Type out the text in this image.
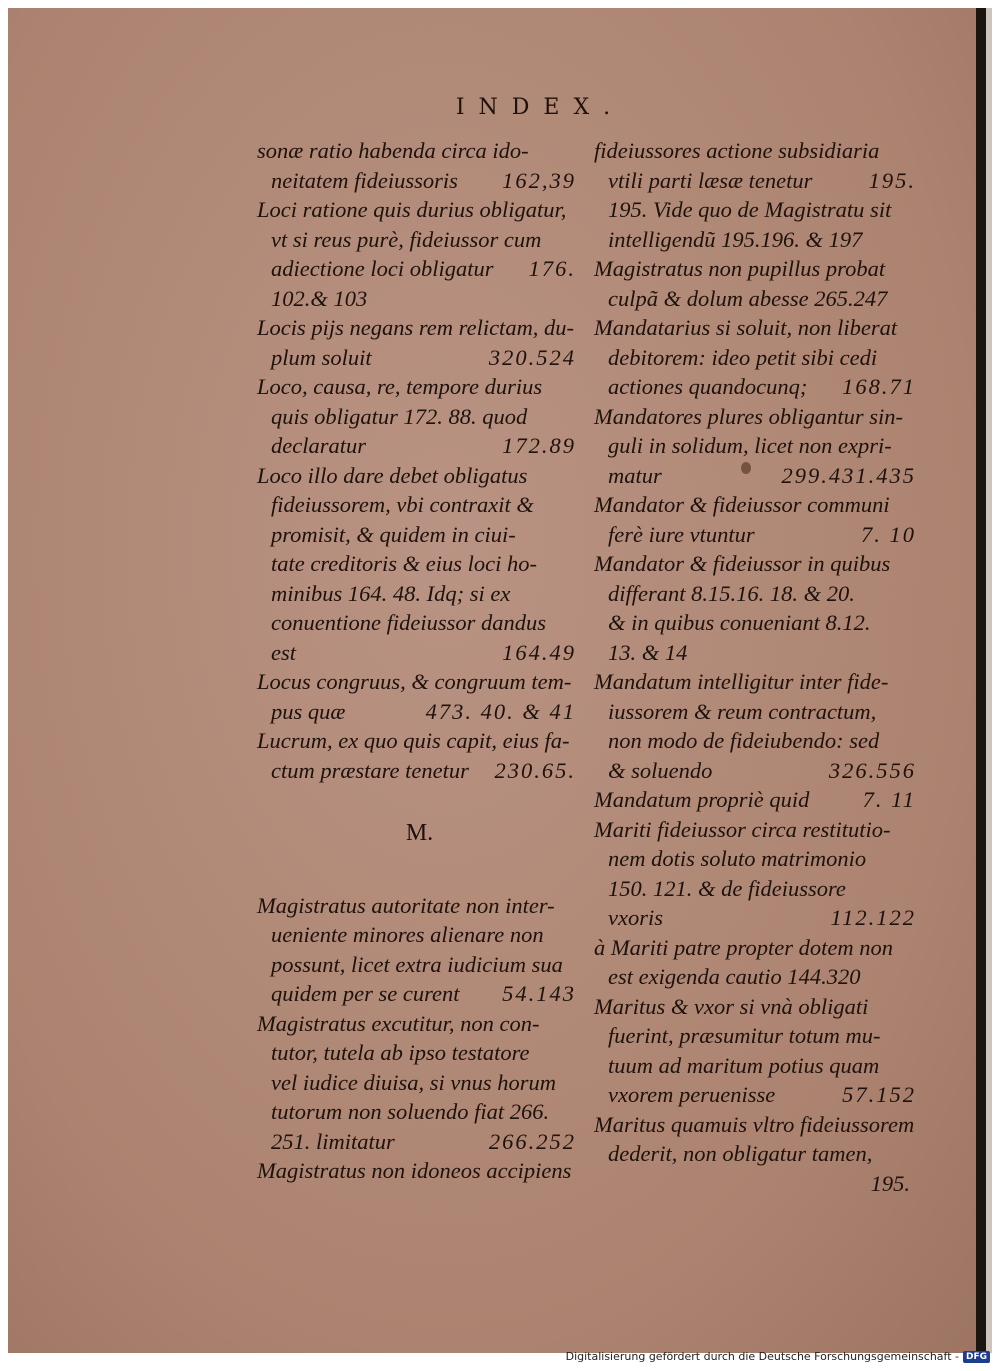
INDEX.
sonæ ratio habenda circa ido-
neitatem fideiussoris 162,39
Loci ratione quis durius obligatur,
vt si reus purè, fideiussor cum
adiectione loci obligatur 176.
102.& 103
Locis pijs negans rem relictam, du-
plum soluit	320.524
Loco, causa, re, tempore durius
quis obligatur 172. 88. quod
declaratur	172.89
Loco illo dare debet obligatus
fideiussorem, vbi contraxit &
promisit, & quidem in ciui-
tate creditoris & eius loci ho-
minibus 164. 48. Idq; si ex
conuentione fideiussor dandus
est	164.49
Locus congruus, & congruum tem-
pus quæ	473. 40. & 41
Lucrum, ex quo quis capit, eius fa-
ctum præstare tenetur 230.65.
M.
Magistratus autoritate non inter-
ueniente minores alienare non
possunt, licet extra iudicium sua
quidem per se curent 54.143
Magistratus excutitur, non con-
tutor, tutela ab ipso testatore
vel iudice diuisa, si vnus horum
tutorum non soluendo fiat 266.
251. limitatur	266.252
Magistratus non idoneos accipiens
fideiussores actione subsidiaria
vtili parti læsæ tenetur 195.
195. Vide quo de Magistratu sit
intelligendũ 195.196. & 197
Magistratus non pupillus probat
culpã & dolum abesse 265.247
Mandatarius si soluit, non liberat
debitorem: ideo petit sibi cedi
actiones quandocunq; 168.71
Mandatores plures obligantur sin-
guli in solidum, licet non expri-
matur	299.431.435
Mandator & fideiussor communi
ferè iure vtuntur	7. 10
Mandator & fideiussor in quibus
differant 8.15.16. 18. & 20.
& in quibus conueniant 8.12.
13. & 14
Mandatum intelligitur inter fide-
iussorem & reum contractum,
non modo de fideiubendo: sed
& soluendo	326.556
Mandatum propriè quid 7. 11
Mariti fideiussor circa restitutio-
nem dotis soluto matrimonio
150. 121. & de fideiussore
vxoris	112.122
à Mariti patre propter dotem non
est exigenda cautio 144.320
Maritus & vxor si vnà obligati
fuerint, præsumitur totum mu-
tuum ad maritum potius quam
vxorem peruenisse	57.152
Maritus quamuis vltro fideiussorem
dederit, non obligatur tamen,
195.
Digitalisierung gefördert durch die Deutsche Forschungsgemeinschaft - DFG
